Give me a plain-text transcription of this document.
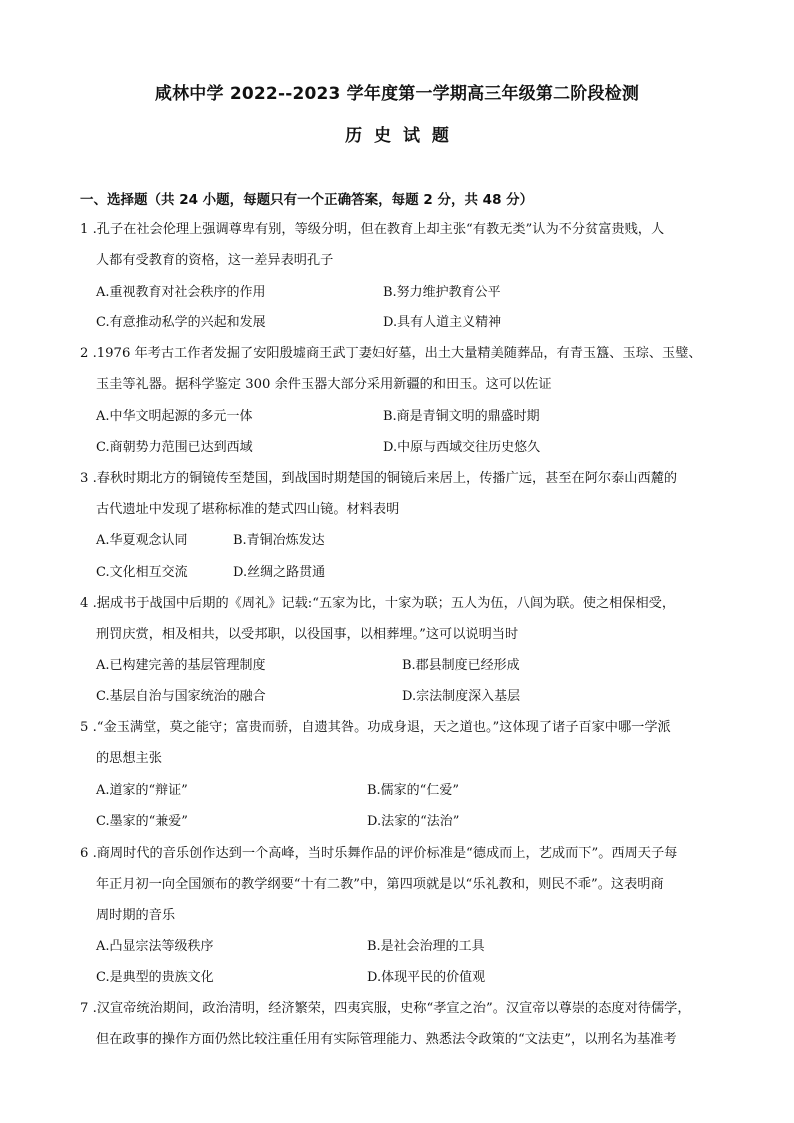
咸林中学 2022--2023 学年度第一学期高三年级第二阶段检测
历 史 试 题
一、选择题（共 24 小题，每题只有一个正确答案，每题 2 分，共 48 分）
1 .孔子在社会伦理上强调尊卑有别，等级分明，但在教育上却主张“有教无类”认为不分贫富贵贱，人
人都有受教育的资格，这一差异表明孔子
A.重视教育对社会秩序的作用	B.努力维护教育公平
C.有意推动私学的兴起和发展	D.具有人道主义精神
2 .1976 年考古工作者发掘了安阳殷墟商王武丁妻妇好墓，出土大量精美随葬品，有青玉簋、玉琮、玉璧、
玉圭等礼器。据科学鉴定 300 余件玉器大部分采用新疆的和田玉。这可以佐证
A.中华文明起源的多元一体	B.商是青铜文明的鼎盛时期
C.商朝势力范围已达到西域	D.中原与西域交往历史悠久
3 .春秋时期北方的铜镜传至楚国，到战国时期楚国的铜镜后来居上，传播广远，甚至在阿尔泰山西麓的
古代遗址中发现了堪称标准的楚式四山镜。材料表明
A.华夏观念认同	B.青铜冶炼发达
C.文化相互交流	D.丝绸之路贯通
4 .据成书于战国中后期的《周礼》记载:“五家为比，十家为联；五人为伍，八闾为联。使之相保相受，
刑罚庆赏，相及相共，以受邦职，以役国事，以相葬埋。”这可以说明当时
A.已构建完善的基层管理制度	B.郡县制度已经形成
C.基层自治与国家统治的融合	D.宗法制度深入基层
5 .“金玉满堂，莫之能守；富贵而骄，自遗其咎。功成身退，天之道也。”这体现了诸子百家中哪一学派
的思想主张
A.道家的“辩证”	B.儒家的“仁爱”
C.墨家的“兼爱”	D.法家的“法治”
6 .商周时代的音乐创作达到一个高峰，当时乐舞作品的评价标准是“德成而上，艺成而下”。西周天子每
年正月初一向全国颁布的教学纲要“十有二教”中，第四项就是以“乐礼教和，则民不乖”。这表明商
周时期的音乐
A.凸显宗法等级秩序	B.是社会治理的工具
C.是典型的贵族文化	D.体现平民的价值观
7 .汉宣帝统治期间，政治清明，经济繁荣，四夷宾服，史称“孝宣之治”。汉宣帝以尊崇的态度对待儒学，
但在政事的操作方面仍然比较注重任用有实际管理能力、熟悉法令政策的“文法吏”，以刑名为基准考
